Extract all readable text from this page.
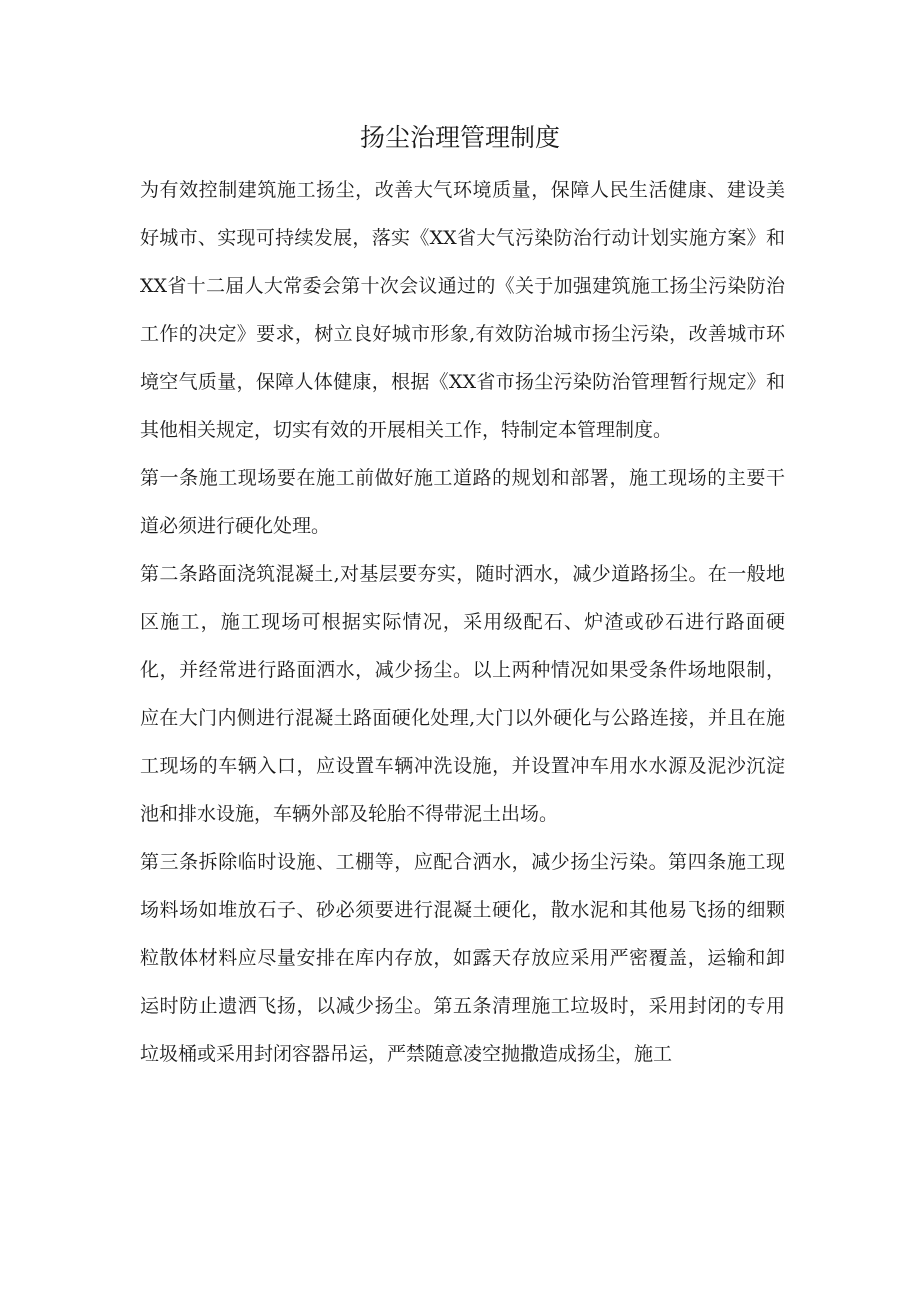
扬尘治理管理制度

为有效控制建筑施工扬尘，改善大气环境质量，保障人民生活健康、建设美好城市、实现可持续发展，落实《XX省大气污染防治行动计划实施方案》和XX省十二届人大常委会第十次会议通过的《关于加强建筑施工扬尘污染防治工作的决定》要求，树立良好城市形象,有效防治城市扬尘污染，改善城市环境空气质量，保障人体健康，根据《XX省市扬尘污染防治管理暂行规定》和其他相关规定，切实有效的开展相关工作，特制定本管理制度。

第一条施工现场要在施工前做好施工道路的规划和部署，施工现场的主要干道必须进行硬化处理。

第二条路面浇筑混凝土,对基层要夯实，随时洒水，减少道路扬尘。在一般地区施工，施工现场可根据实际情况，采用级配石、炉渣或砂石进行路面硬化，并经常进行路面洒水，减少扬尘。以上两种情况如果受条件场地限制，应在大门内侧进行混凝土路面硬化处理,大门以外硬化与公路连接，并且在施工现场的车辆入口，应设置车辆冲洗设施，并设置冲车用水水源及泥沙沉淀池和排水设施，车辆外部及轮胎不得带泥土出场。

第三条拆除临时设施、工棚等，应配合洒水，减少扬尘污染。第四条施工现场料场如堆放石子、砂必须要进行混凝土硬化，散水泥和其他易飞扬的细颗粒散体材料应尽量安排在库内存放，如露天存放应采用严密覆盖，运输和卸运时防止遗洒飞扬，以减少扬尘。第五条清理施工垃圾时，采用封闭的专用垃圾桶或采用封闭容器吊运，严禁随意凌空抛撒造成扬尘，施工
